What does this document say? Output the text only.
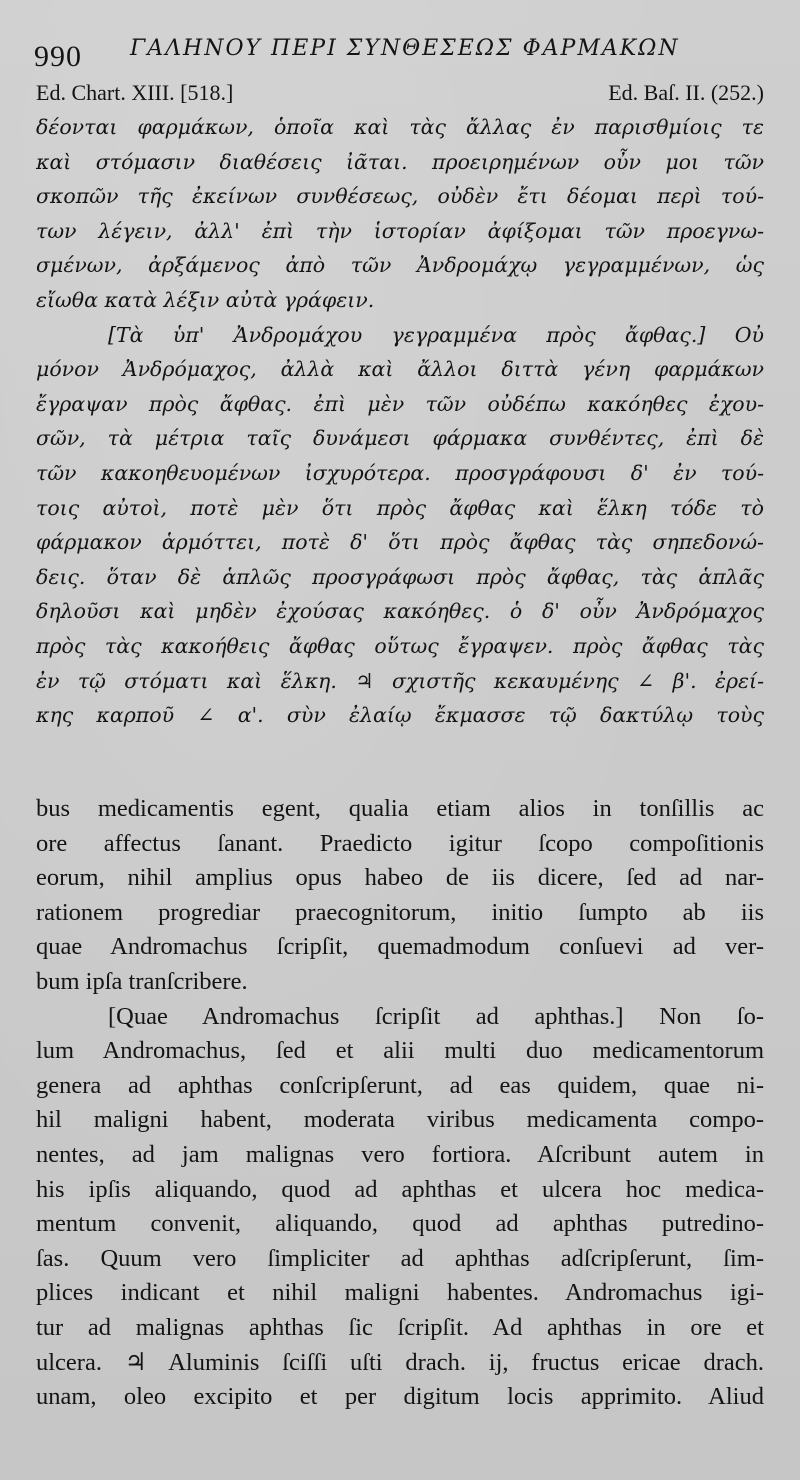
990 ΓΑΛΗΝΟΥ ΠΕΡΙ ΣΥΝΘΕΣΕΩΣ ΦΑΡΜΑΚΩΝ
Ed. Chart. XIII. [518.]	Ed. Baſ. II. (252.)
δέονται φαρμάκων, ὁποῖα καὶ τὰς ἄλλας ἐν παρισθμίοις τε
καὶ στόμασιν διαθέσεις ἰᾶται. προειρημένων οὖν μοι τῶν
σκοπῶν τῆς ἐκείνων συνθέσεως, οὐδὲν ἔτι δέομαι περὶ τού-
των λέγειν, ἀλλ' ἐπὶ τὴν ἱστορίαν ἀφίξομαι τῶν προεγνω-
σμένων, ἀρξάμενος ἀπὸ τῶν Ἀνδρομάχῳ γεγραμμένων, ὡς
εἴωθα κατὰ λέξιν αὐτὰ γράφειν.
[Τὰ ὑπ' Ἀνδρομάχου γεγραμμένα πρὸς ἄφθας.] Οὐ
μόνον Ἀνδρόμαχος, ἀλλὰ καὶ ἄλλοι διττὰ γένη φαρμάκων
ἔγραψαν πρὸς ἄφθας. ἐπὶ μὲν τῶν οὐδέπω κακόηθες ἐχου-
σῶν, τὰ μέτρια ταῖς δυνάμεσι φάρμακα συνθέντες, ἐπὶ δὲ
τῶν κακοηθευομένων ἰσχυρότερα. προσγράφουσι δ' ἐν τού-
τοις αὐτοὶ, ποτὲ μὲν ὅτι πρὸς ἄφθας καὶ ἕλκη τόδε τὸ
φάρμακον ἁρμόττει, ποτὲ δ' ὅτι πρὸς ἄφθας τὰς σηπεδονώ-
δεις. ὅταν δὲ ἁπλῶς προσγράφωσι πρὸς ἄφθας, τὰς ἁπλᾶς
δηλοῦσι καὶ μηδὲν ἐχούσας κακόηθες. ὁ δ' οὖν Ἀνδρόμαχος
πρὸς τὰς κακοήθεις ἄφθας οὕτως ἔγραψεν. πρὸς ἄφθας τὰς
ἐν τῷ στόματι καὶ ἕλκη. ♃ σχιστῆς κεκαυμένης ∠ β'. ἐρεί-
κης καρποῦ ∠ α'. σὺν ἐλαίῳ ἔκμασσε τῷ δακτύλῳ τοὺς
bus medicamentis egent, qualia etiam alios in tonſillis ac
ore affectus ſanant. Praedicto igitur ſcopo compoſitionis
eorum, nihil amplius opus habeo de iis dicere, ſed ad nar-
rationem progrediar praecognitorum, initio ſumpto ab iis
quae Andromachus ſcripſit, quemadmodum conſuevi ad ver-
bum ipſa tranſcribere.
[Quae Andromachus ſcripſit ad aphthas.] Non ſo-
lum Andromachus, ſed et alii multi duo medicamentorum
genera ad aphthas conſcripſerunt, ad eas quidem, quae ni-
hil maligni habent, moderata viribus medicamenta compo-
nentes, ad jam malignas vero fortiora. Aſcribunt autem in
his ipſis aliquando, quod ad aphthas et ulcera hoc medica-
mentum convenit, aliquando, quod ad aphthas putredino-
ſas. Quum vero ſimpliciter ad aphthas adſcripſerunt, ſim-
plices indicant et nihil maligni habentes. Andromachus igi-
tur ad malignas aphthas ſic ſcripſit. Ad aphthas in ore et
ulcera. ♃ Aluminis ſciſſi uſti drach. ij, fructus ericae drach.
unam, oleo excipito et per digitum locis apprimito. Aliud
